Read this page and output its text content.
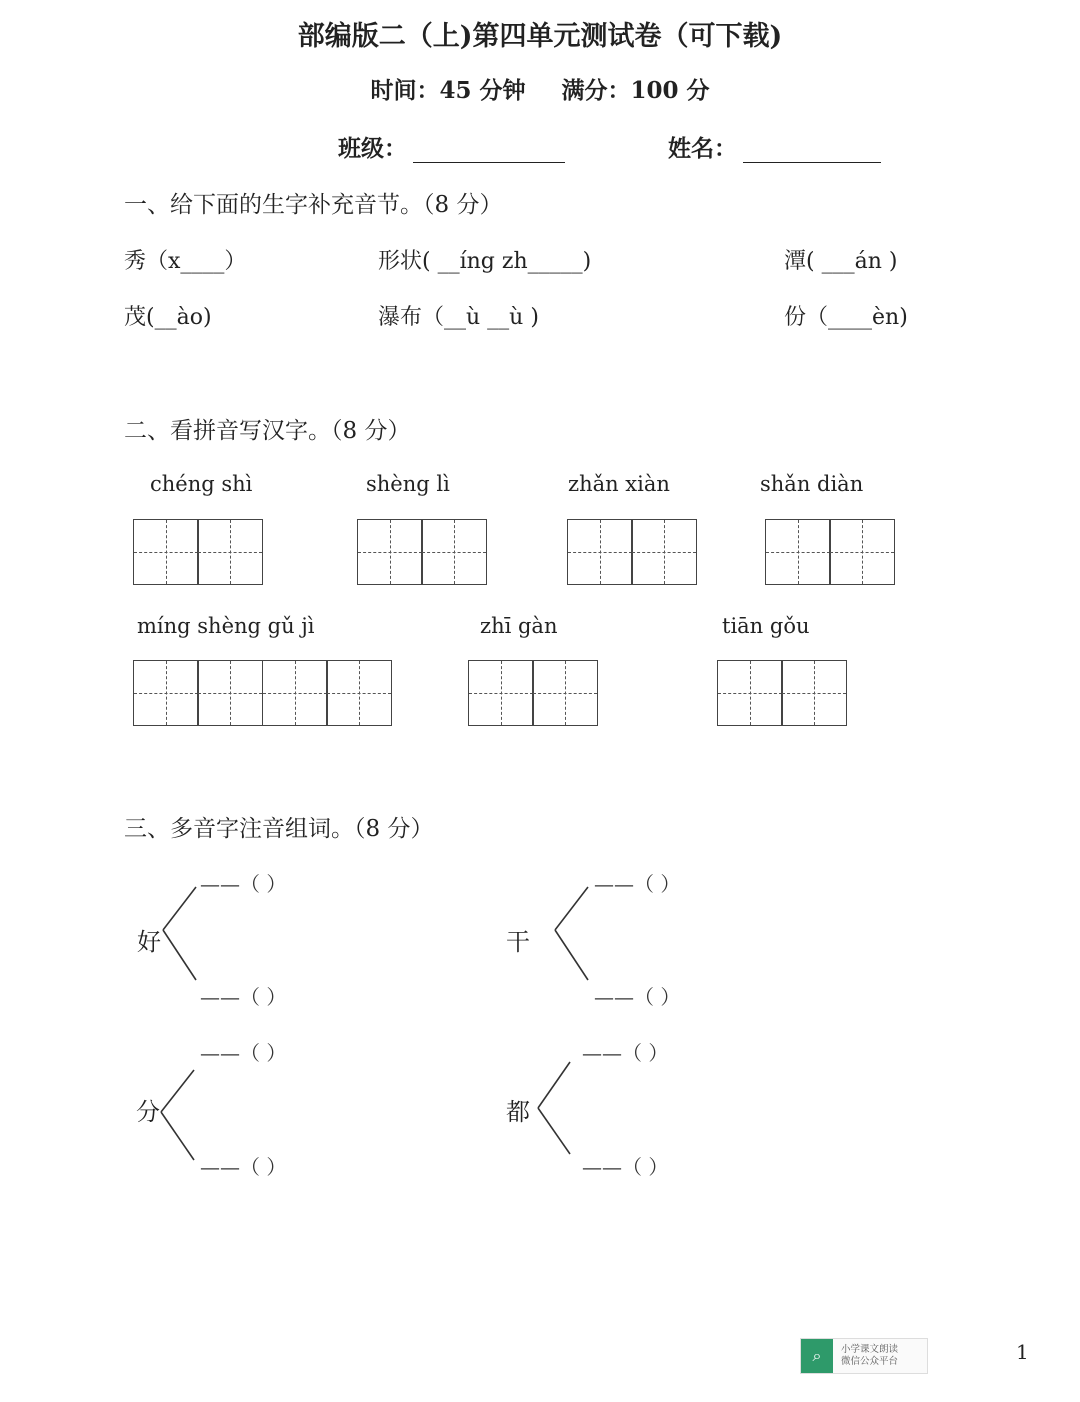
部编版二（上)第四单元测试卷（可下载)
时间：45 分钟 满分：100 分
班级：	姓名：
一、给下面的生字补充音节。（8 分）
秀（x____）	形状( __íng zh_____)	潭( ___án )
茂(__ào)	瀑布（__ù __ù )	份（____èn)
二、看拼音写汉字。（8 分）
chéng shì	shèng lì	zhǎn xiàn	shǎn diàn
míng shèng gǔ jì	zhī gàn	tiān gǒu
三、多音字注音组词。（8 分）
好	干
分	都
——（ ）
——（ ）
——（ ）
——（ ）
——（ ）
——（ ）
——（ ）
——（ ）
⌕	小学课文朗读
微信公众平台	1
